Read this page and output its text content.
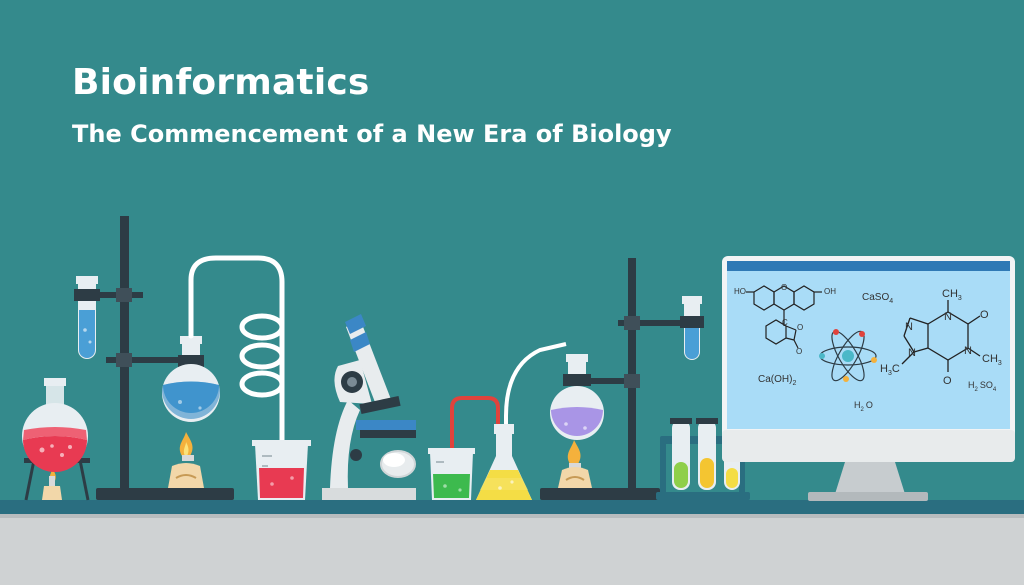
Bioinformatics
The Commencement of a New Era of Biology
HO	OH
O
C
O
O
CaSO$_4$
$Ca(OH)_2$
$H_2$ O
$CH_3$
N
N
N
N
O
O
$CH_3$
$H_3C$
$H_2$ $SO_4$
